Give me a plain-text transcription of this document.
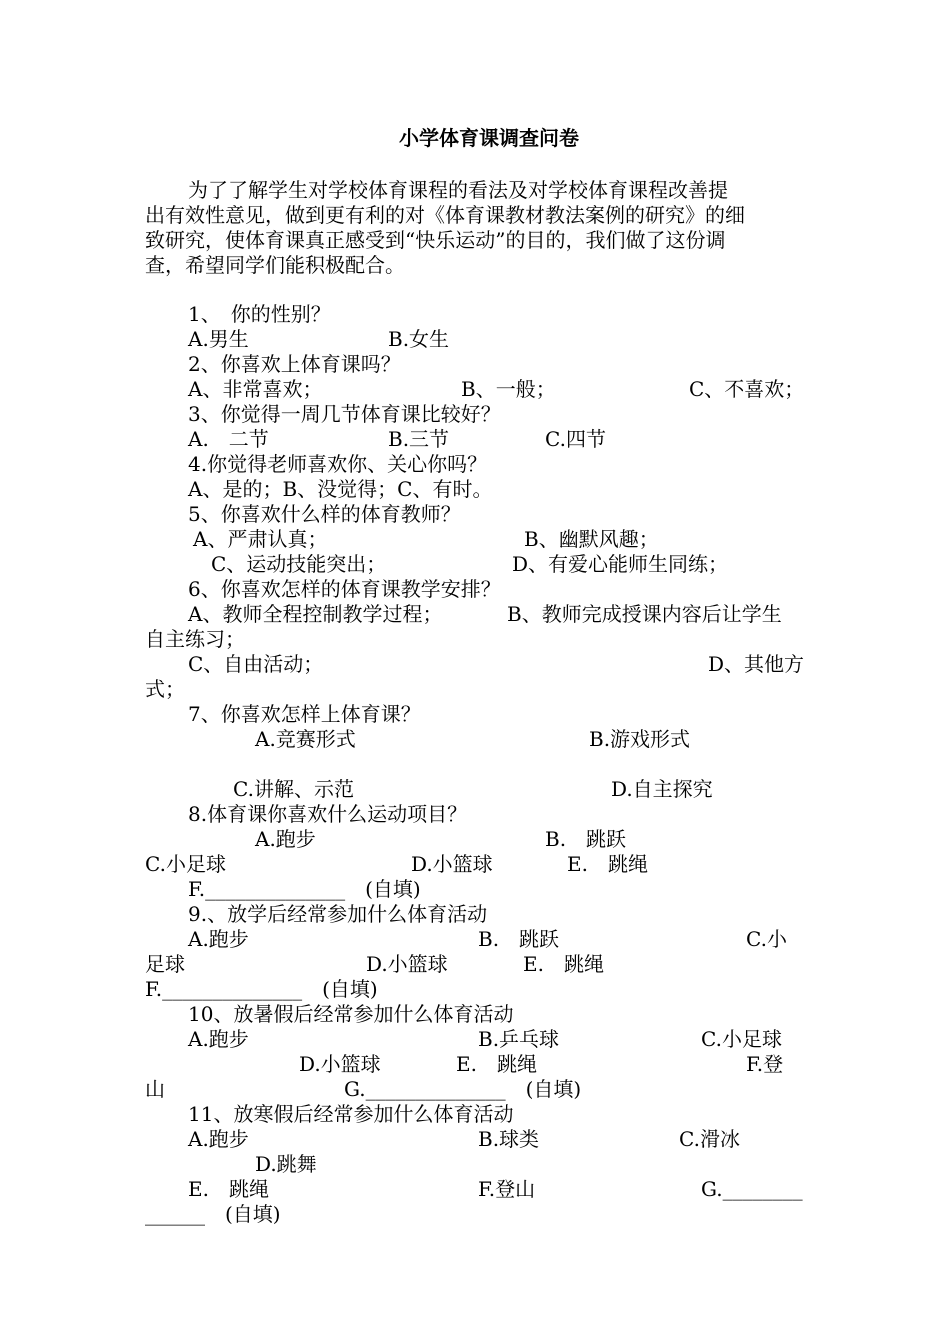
小学体育课调查问卷
为了了解学生对学校体育课程的看法及对学校体育课程改善提
出有效性意见，做到更有利的对《体育课教材教法案例的研究》的细
致研究，使体育课真正感受到“快乐运动”的目的，我们做了这份调
查，希望同学们能积极配合。
1、　你的性别？
A.男生	B.女生
2、你喜欢上体育课吗？
A、非常喜欢；	B、一般；	C、不喜欢；
3、你觉得一周几节体育课比较好？
A.　二节	B.三节	C.四节
4.你觉得老师喜欢你、关心你吗？
A、是的；B、没觉得；C、有时。
5、你喜欢什么样的体育教师？
A、严肃认真；	B、幽默风趣；
C、运动技能突出；	D、有爱心能师生同练；
6、你喜欢怎样的体育课教学安排？
A、教师全程控制教学过程；	B、教师完成授课内容后让学生
自主练习；
C、自由活动；	D、其他方
式；
7、你喜欢怎样上体育课？
A.竞赛形式	B.游戏形式
C.讲解、示范	D.自主探究
8.体育课你喜欢什么运动项目？
A.跑步	B.　跳跃
C.小足球	D.小篮球	E.　跳绳
F.______________　(自填)
9.、放学后经常参加什么体育活动
A.跑步	B.　跳跃	C.小
足球	D.小篮球	E.　跳绳
F.______________　(自填)
10、放暑假后经常参加什么体育活动
A.跑步	B.乒乓球	C.小足球
D.小篮球	E.　跳绳	F.登
山	G.______________　(自填)
11、放寒假后经常参加什么体育活动
A.跑步	B.球类	C.滑冰
D.跳舞
E.　跳绳	F.登山	G.________
______　(自填)
